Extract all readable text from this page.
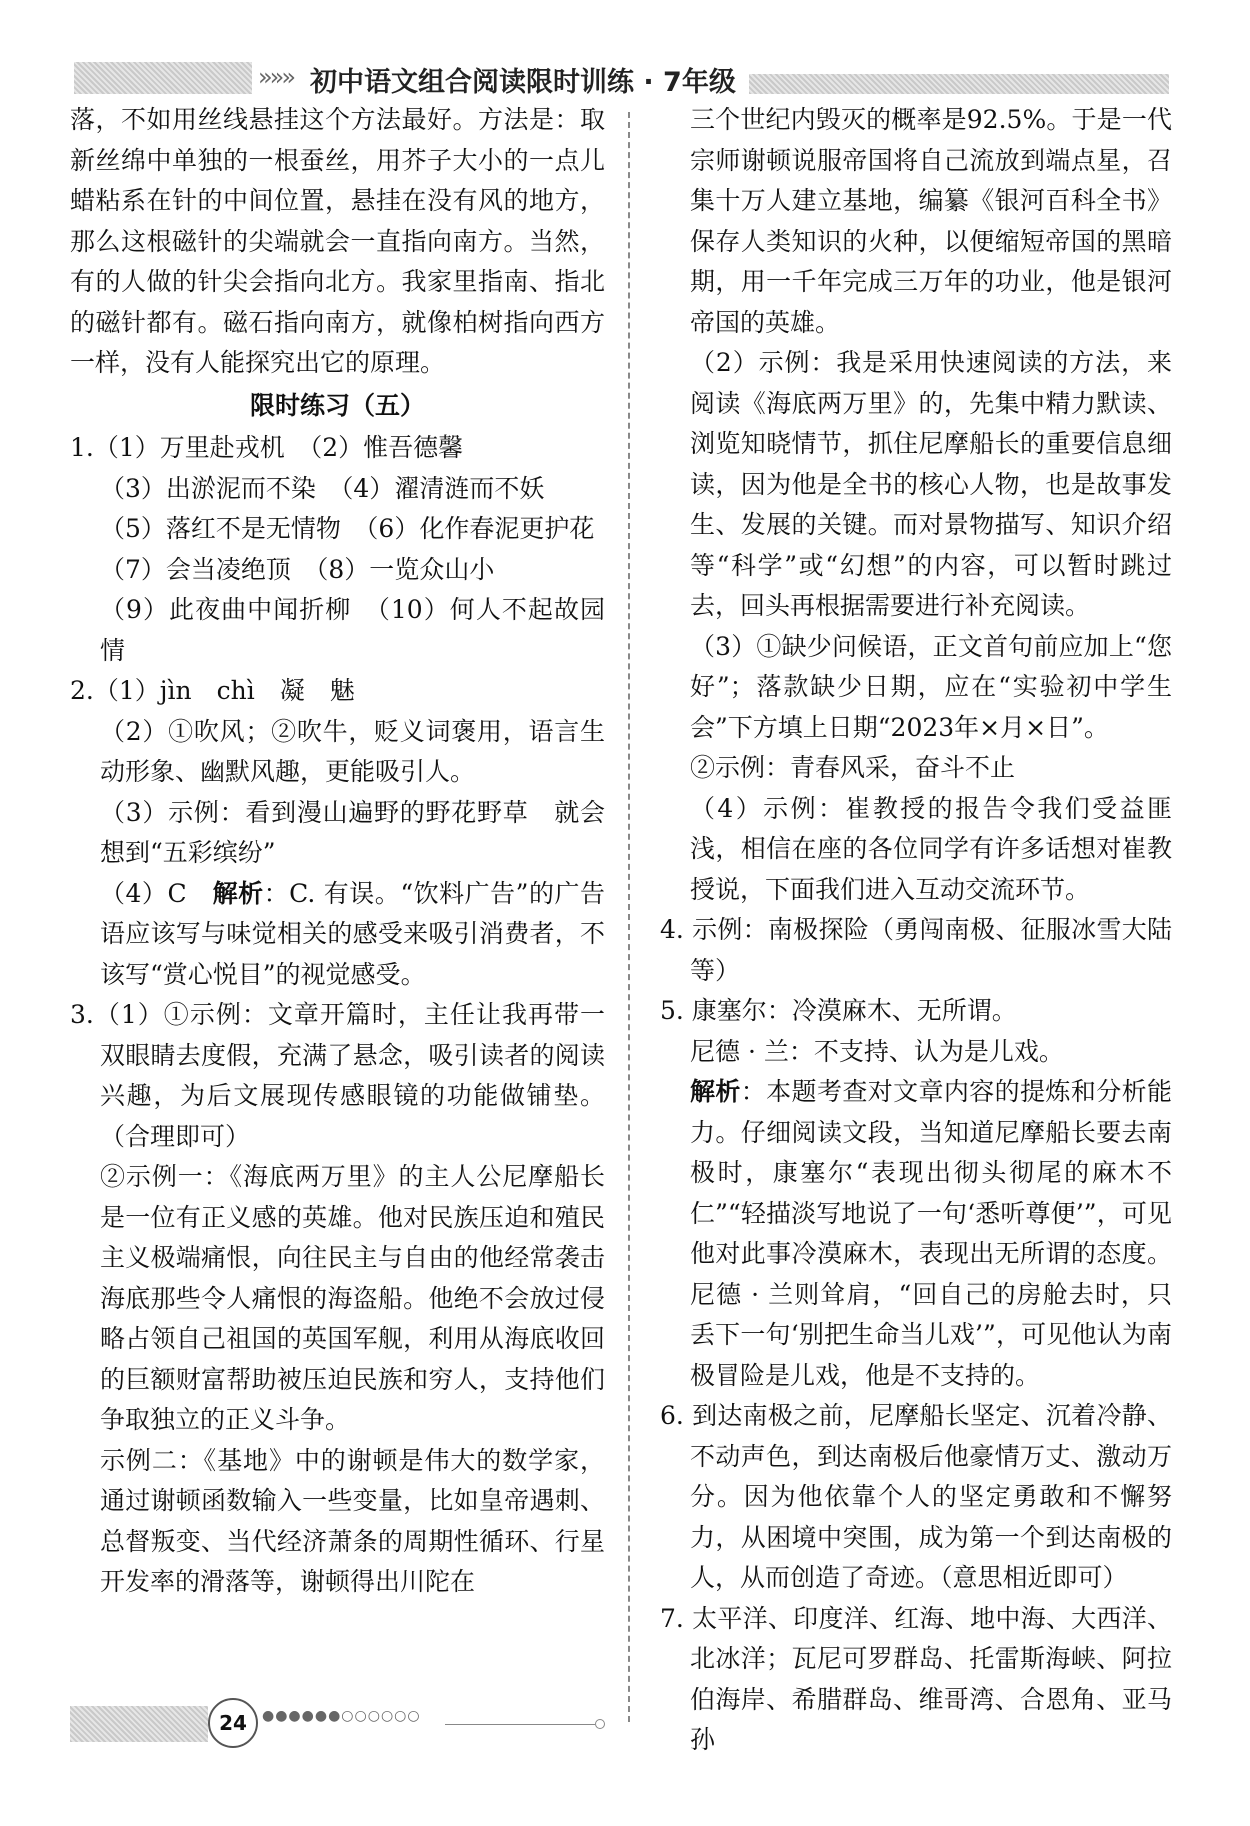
»»» 初中语文组合阅读限时训练 · 7年级

落，不如用丝线悬挂这个方法最好。方法是：取新丝绵中单独的一根蚕丝，用芥子大小的一点儿蜡粘系在针的中间位置，悬挂在没有风的地方，那么这根磁针的尖端就会一直指向南方。当然，有的人做的针尖会指向北方。我家里指南、指北的磁针都有。磁石指向南方，就像柏树指向西方一样，没有人能探究出它的原理。

限时练习（五）

1.（1）万里赴戎机　（2）惟吾德馨

（3）出淤泥而不染　（4）濯清涟而不妖

（5）落红不是无情物　（6）化作春泥更护花

（7）会当凌绝顶　（8）一览众山小

（9）此夜曲中闻折柳　（10）何人不起故园情

2.（1）jìn　chì　凝　魅

（2）①吹风；②吹牛，贬义词褒用，语言生动形象、幽默风趣，更能吸引人。

（3）示例：看到漫山遍野的野花野草　就会想到“五彩缤纷”

（4）C　解析：C. 有误。“饮料广告”的广告语应该写与味觉相关的感受来吸引消费者，不该写“赏心悦目”的视觉感受。

3.（1）①示例：文章开篇时，主任让我再带一双眼睛去度假，充满了悬念，吸引读者的阅读兴趣，为后文展现传感眼镜的功能做铺垫。（合理即可）

②示例一：《海底两万里》的主人公尼摩船长是一位有正义感的英雄。他对民族压迫和殖民主义极端痛恨，向往民主与自由的他经常袭击海底那些令人痛恨的海盗船。他绝不会放过侵略占领自己祖国的英国军舰，利用从海底收回的巨额财富帮助被压迫民族和穷人，支持他们争取独立的正义斗争。

示例二：《基地》中的谢顿是伟大的数学家，通过谢顿函数输入一些变量，比如皇帝遇刺、总督叛变、当代经济萧条的周期性循环、行星开发率的滑落等，谢顿得出川陀在

三个世纪内毁灭的概率是92.5%。于是一代宗师谢顿说服帝国将自己流放到端点星，召集十万人建立基地，编纂《银河百科全书》保存人类知识的火种，以便缩短帝国的黑暗期，用一千年完成三万年的功业，他是银河帝国的英雄。

（2）示例：我是采用快速阅读的方法，来阅读《海底两万里》的，先集中精力默读、浏览知晓情节，抓住尼摩船长的重要信息细读，因为他是全书的核心人物，也是故事发生、发展的关键。而对景物描写、知识介绍等“科学”或“幻想”的内容，可以暂时跳过去，回头再根据需要进行补充阅读。

（3）①缺少问候语，正文首句前应加上“您好”；落款缺少日期，应在“实验初中学生会”下方填上日期“2023年×月×日”。

②示例：青春风采，奋斗不止

（4）示例：崔教授的报告令我们受益匪浅，相信在座的各位同学有许多话想对崔教授说，下面我们进入互动交流环节。

4. 示例：南极探险（勇闯南极、征服冰雪大陆等）

5. 康塞尔：冷漠麻木、无所谓。

尼德 · 兰：不支持、认为是儿戏。

解析：本题考查对文章内容的提炼和分析能力。仔细阅读文段，当知道尼摩船长要去南极时，康塞尔“表现出彻头彻尾的麻木不仁”“轻描淡写地说了一句‘悉听尊便’”，可见他对此事冷漠麻木，表现出无所谓的态度。尼德 · 兰则耸肩，“回自己的房舱去时，只丢下一句‘别把生命当儿戏’”，可见他认为南极冒险是儿戏，他是不支持的。

6. 到达南极之前，尼摩船长坚定、沉着冷静、不动声色，到达南极后他豪情万丈、激动万分。因为他依靠个人的坚定勇敢和不懈努力，从困境中突围，成为第一个到达南极的人，从而创造了奇迹。（意思相近即可）

7. 太平洋、印度洋、红海、地中海、大西洋、北冰洋；瓦尼可罗群岛、托雷斯海峡、阿拉伯海岸、希腊群岛、维哥湾、合恩角、亚马孙

24	●●●●●●○○○○○○
